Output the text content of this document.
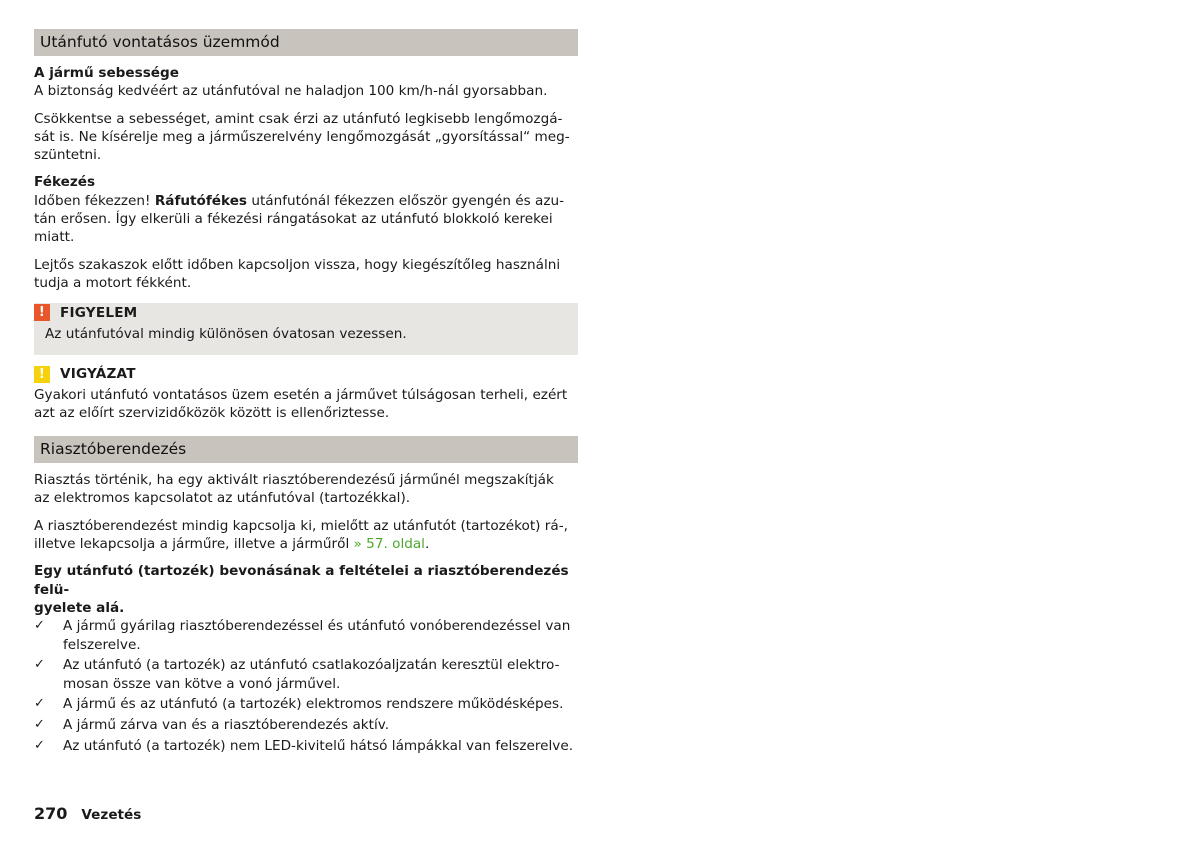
Utánfutó vontatásos üzemmód

A jármű sebessége

A biztonság kedvéért az utánfutóval ne haladjon 100 km/h-nál gyorsabban.

Csökkentse a sebességet, amint csak érzi az utánfutó legkisebb lengőmozgá-
sát is. Ne kísérelje meg a járműszerelvény lengőmozgását „gyorsítással“ meg-
szüntetni.

Fékezés

Időben fékezzen! Ráfutófékes utánfutónál fékezzen először gyengén és azu-
tán erősen. Így elkerüli a fékezési rángatásokat az utánfutó blokkoló kerekei
miatt.

Lejtős szakaszok előtt időben kapcsoljon vissza, hogy kiegészítőleg használni
tudja a motort fékként.

!	FIGYELEM

Az utánfutóval mindig különösen óvatosan vezessen.

!	VIGYÁZAT

Gyakori utánfutó vontatásos üzem esetén a járművet túlságosan terheli, ezért
azt az előírt szervizidőközök között is ellenőriztesse.

Riasztóberendezés

Riasztás történik, ha egy aktivált riasztóberendezésű járműnél megszakítják
az elektromos kapcsolatot az utánfutóval (tartozékkal).

A riasztóberendezést mindig kapcsolja ki, mielőtt az utánfutót (tartozékot) rá-,
illetve lekapcsolja a járműre, illetve a járműről » 57. oldal.

Egy utánfutó (tartozék) bevonásának a feltételei a riasztóberendezés felü-
gyelete alá.

✓ A jármű gyárilag riasztóberendezéssel és utánfutó vonóberendezéssel van
felszerelve.
✓ Az utánfutó (a tartozék) az utánfutó csatlakozóaljzatán keresztül elektro-
mosan össze van kötve a vonó járművel.
✓ A jármű és az utánfutó (a tartozék) elektromos rendszere működésképes.
✓ A jármű zárva van és a riasztóberendezés aktív.
✓ Az utánfutó (a tartozék) nem LED-kivitelű hátsó lámpákkal van felszerelve.
270 Vezetés
